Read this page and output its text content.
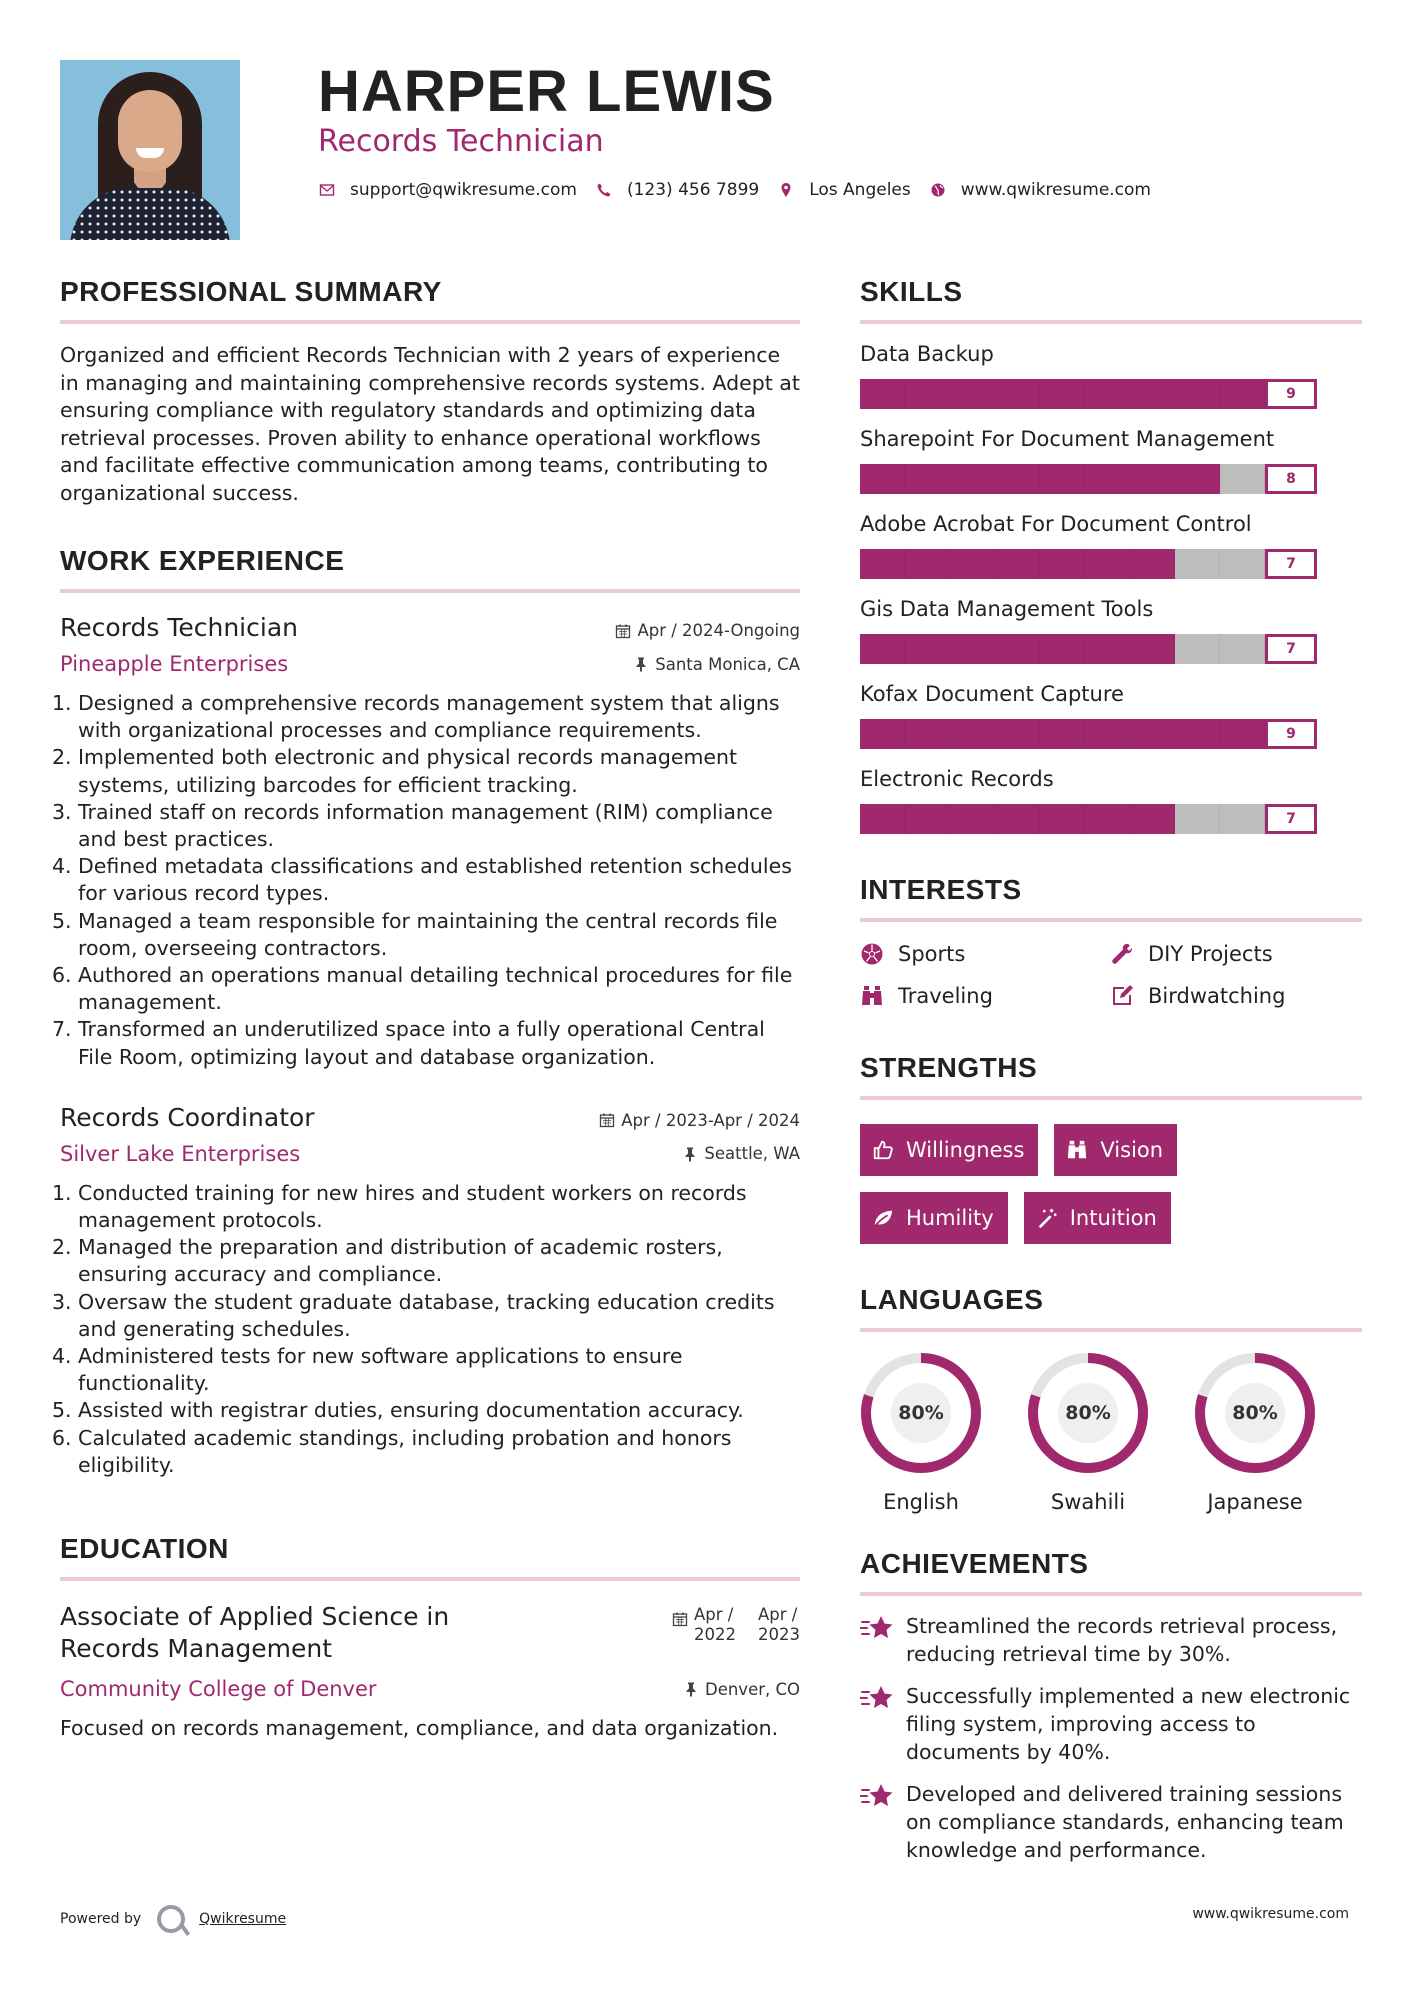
HARPER LEWIS
Records Technician
support@qwikresume.com	(123) 456 7899	Los Angeles	www.qwikresume.com
PROFESSIONAL SUMMARY

Organized and efficient Records Technician with 2 years of experience in managing and maintaining comprehensive records systems. Adept at ensuring compliance with regulatory standards and optimizing data retrieval processes. Proven ability to enhance operational workflows and facilitate effective communication among teams, contributing to organizational success.

WORK EXPERIENCE
Records Technician	Apr / 2024-Ongoing
Pineapple Enterprises	Santa Monica, CA
Designed a comprehensive records management system that aligns with organizational processes and compliance requirements.
Implemented both electronic and physical records management systems, utilizing barcodes for efficient tracking.
Trained staff on records information management (RIM) compliance and best practices.
Defined metadata classifications and established retention schedules for various record types.
Managed a team responsible for maintaining the central records file room, overseeing contractors.
Authored an operations manual detailing technical procedures for file management.
Transformed an underutilized space into a fully operational Central File Room, optimizing layout and database organization.
Records Coordinator	Apr / 2023-Apr / 2024
Silver Lake Enterprises	Seattle, WA
Conducted training for new hires and student workers on records management protocols.
Managed the preparation and distribution of academic rosters, ensuring accuracy and compliance.
Oversaw the student graduate database, tracking education credits and generating schedules.
Administered tests for new software applications to ensure functionality.
Assisted with registrar duties, ensuring documentation accuracy.
Calculated academic standings, including probation and honors eligibility.
EDUCATION
Associate of Applied Science in Records Management
Apr /
2022
Apr /
2023
Community College of Denver	Denver, CO

Focused on records management, compliance, and data organization.

Powered by	Qwikresume	www.qwikresume.com
SKILLS
Data Backup
9
Sharepoint For Document Management
8
Adobe Acrobat For Document Control
7
Gis Data Management Tools
7
Kofax Document Capture
9
Electronic Records
7
INTERESTS
Sports	DIY Projects
Traveling	Birdwatching
STRENGTHS
Willingness	Vision
Humility	Intuition
LANGUAGES
80%
English
80%
Swahili
80%
Japanese
ACHIEVEMENTS
Streamlined the records retrieval process, reducing retrieval time by 30%.
Successfully implemented a new electronic filing system, improving access to documents by 40%.
Developed and delivered training sessions on compliance standards, enhancing team knowledge and performance.
